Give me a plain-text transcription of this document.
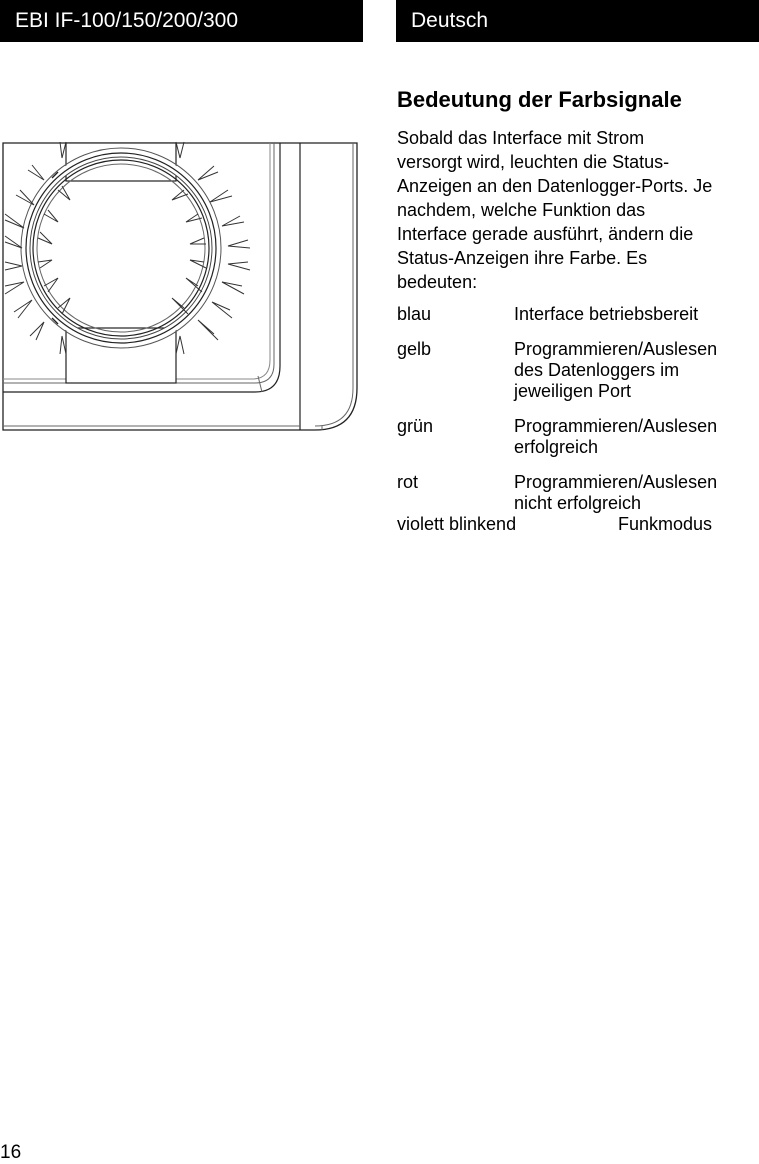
EBI IF-100/150/200/300	Deutsch
Bedeutung der Farbsignale

Sobald das Interface mit Strom
versorgt wird, leuchten die Status-
Anzeigen an den Datenlogger-Ports. Je
nachdem, welche Funktion das
Interface gerade ausführt, ändern die
Status-Anzeigen ihre Farbe. Es
bedeuten:

blau	Interface betriebsbereit
gelb	Programmieren/Auslesen
des Datenloggers im
jeweiligen Port
grün	Programmieren/Auslesen
erfolgreich
rot	Programmieren/Auslesen
nicht erfolgreich
violett blinkend	Funkmodus
16
